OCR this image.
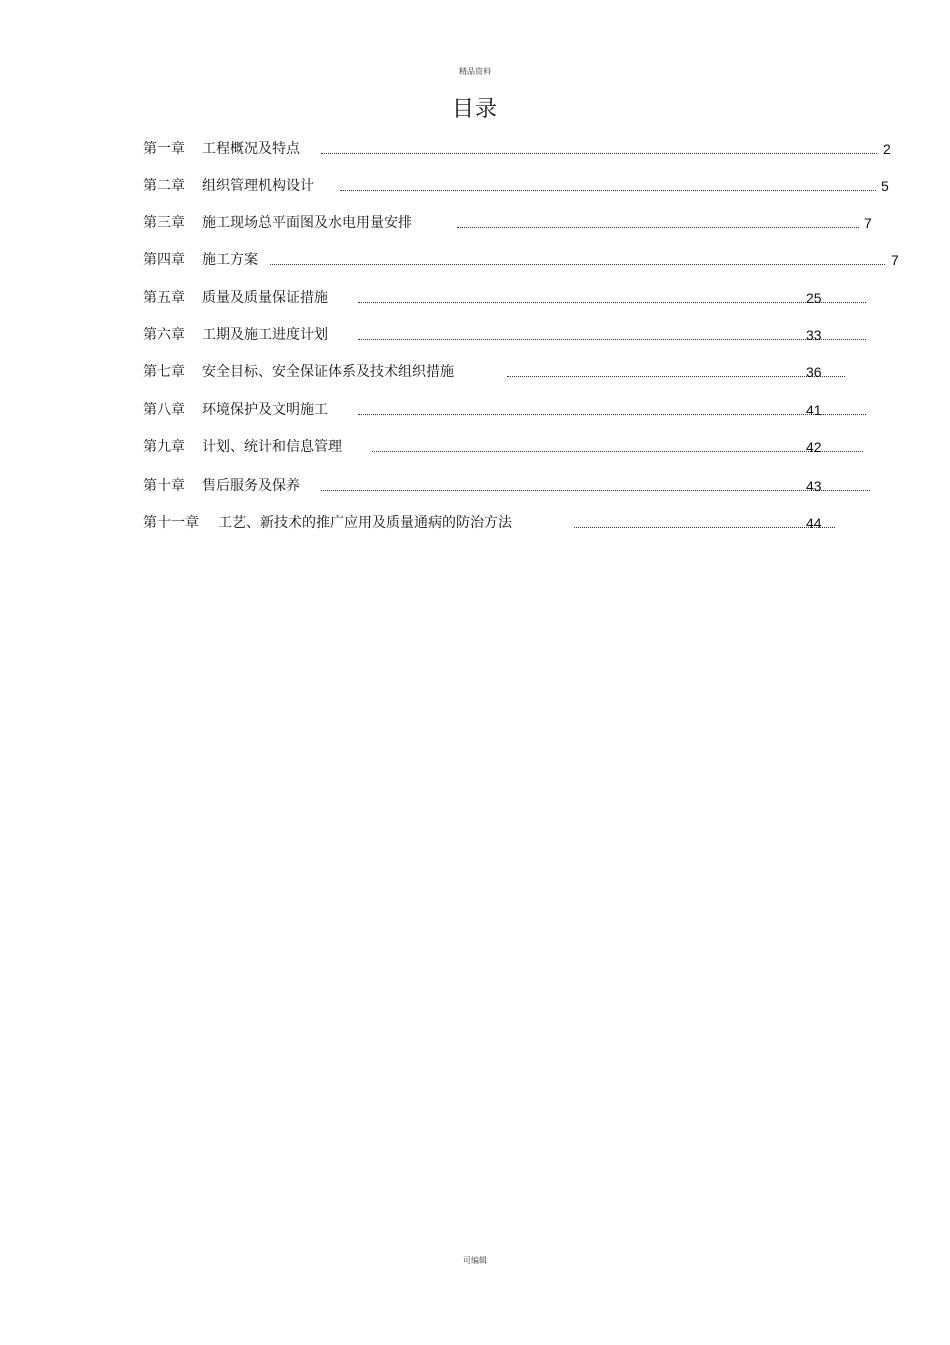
精品资料
目录
第一章 工程概况及特点	2
第二章 组织管理机构设计	5
第三章 施工现场总平面图及水电用量安排	7
第四章 施工方案	7
第五章 质量及质量保证措施	25
第六章 工期及施工进度计划	33
第七章 安全目标、安全保证体系及技术组织措施	36
第八章 环境保护及文明施工	41
第九章 计划、统计和信息管理	42
第十章 售后服务及保养	43
第十一章 工艺、新技术的推广应用及质量通病的防治方法	44
可编辑
